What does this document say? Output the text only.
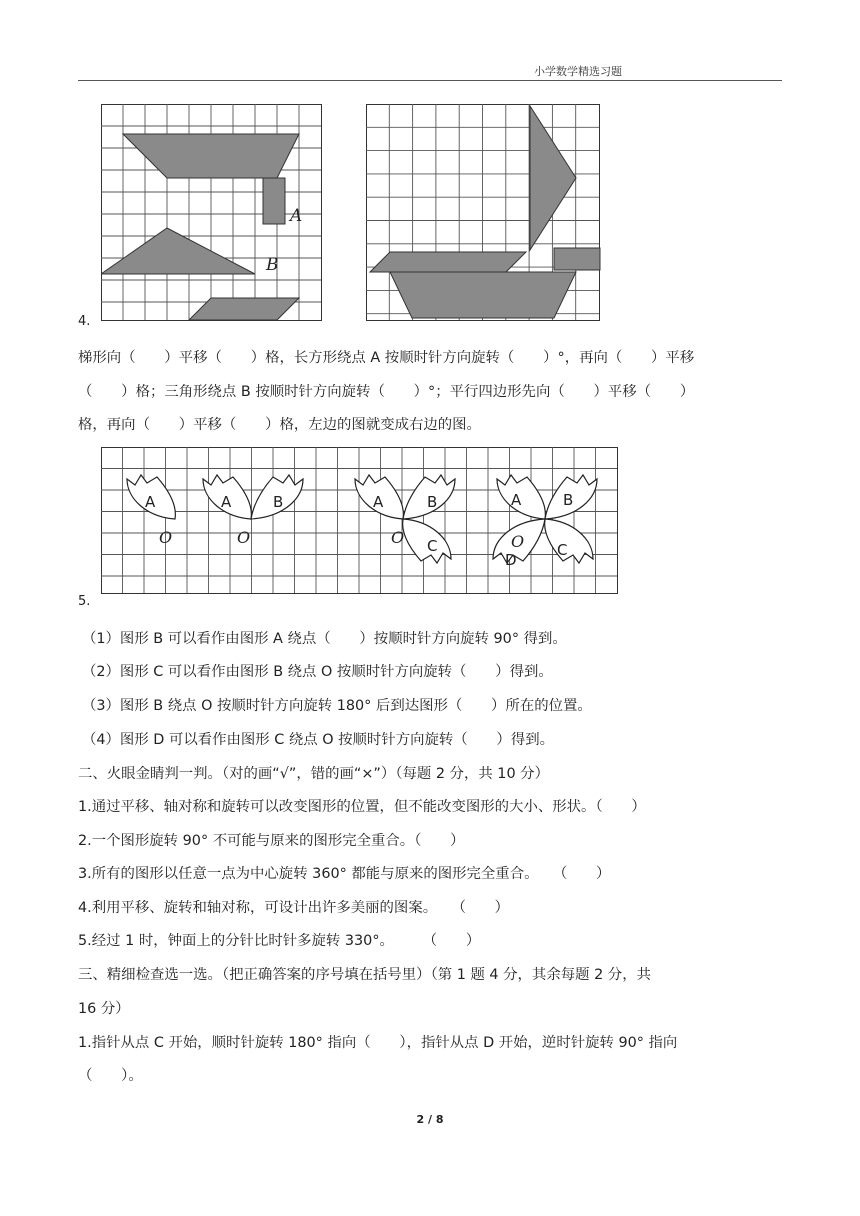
小学数学精选习题
A
B
4.
梯形向（　　）平移（　　）格，长方形绕点 A 按顺时针方向旋转（　　）°，再向（　　）平移
（　　）格；三角形绕点 B 按顺时针方向旋转（　　）°；平行四边形先向（　　）平移（　　）
格，再向（　　）平移（　　）格，左边的图就变成右边的图。
A	A	B	A	B
C
A	B
C
D
O	O	O	O
5.
（1）图形 B 可以看作由图形 A 绕点（　　）按顺时针方向旋转 90° 得到。
（2）图形 C 可以看作由图形 B 绕点 O 按顺时针方向旋转（　　）得到。
（3）图形 B 绕点 O 按顺时针方向旋转 180° 后到达图形（　　）所在的位置。
（4）图形 D 可以看作由图形 C 绕点 O 按顺时针方向旋转（　　）得到。
二、火眼金睛判一判。（对的画“√”，错的画“×”）（每题 2 分，共 10 分）
1.通过平移、轴对称和旋转可以改变图形的位置，但不能改变图形的大小、形状。（　　）
2.一个图形旋转 90° 不可能与原来的图形完全重合。（　　）
3.所有的图形以任意一点为中心旋转 360° 都能与原来的图形完全重合。　　（　　）
4.利用平移、旋转和轴对称，可设计出许多美丽的图案。　　（　　）
5.经过 1 时，钟面上的分针比时针多旋转 330°。　　　（　　）
三、精细检查选一选。（把正确答案的序号填在括号里）（第 1 题 4 分，其余每题 2 分，共
16 分）
1.指针从点 C 开始，顺时针旋转 180° 指向（　　），指针从点 D 开始，逆时针旋转 90° 指向
（　　）。
2 / 8
